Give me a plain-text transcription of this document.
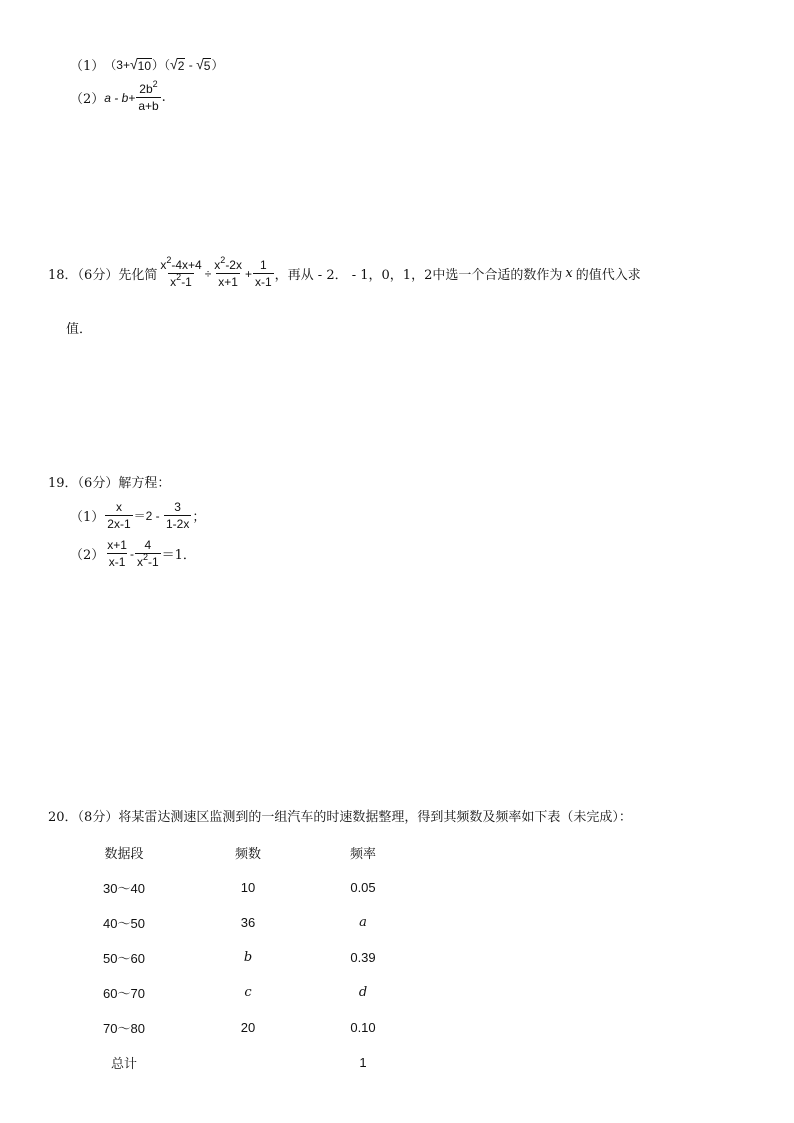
（1） （3+ √ 10 ）（ √ 2 - √ 5 ）
（2） $a - b+ \frac{2b^2}{a+b}$ .
18．（6分）先化简 $\frac{x^2-4x+4}{x^2-1} \div \frac{x^2-2x}{x+1} + \frac{1}{x-1}$ ，再从 - 2． - 1，0，1，2中选一个合适的数作为 x 的值代入求
值．
19．（6分）解方程：
$(1) \frac{x}{2x-1} =2 - \frac{3}{1-2x}$ ；
$(2) \frac{x+1}{x-1} - \frac{4}{x^2-1} =1$．
20．（8分）将某雷达测速区监测到的一组汽车的时速数据整理，得到其频数及频率如下表（未完成）：
数据段	频数	频率
30～40	10	0.05
40～50	36	a
50～60	b	0.39
60～70	c	d
70～80	20	0.10
总计		1
